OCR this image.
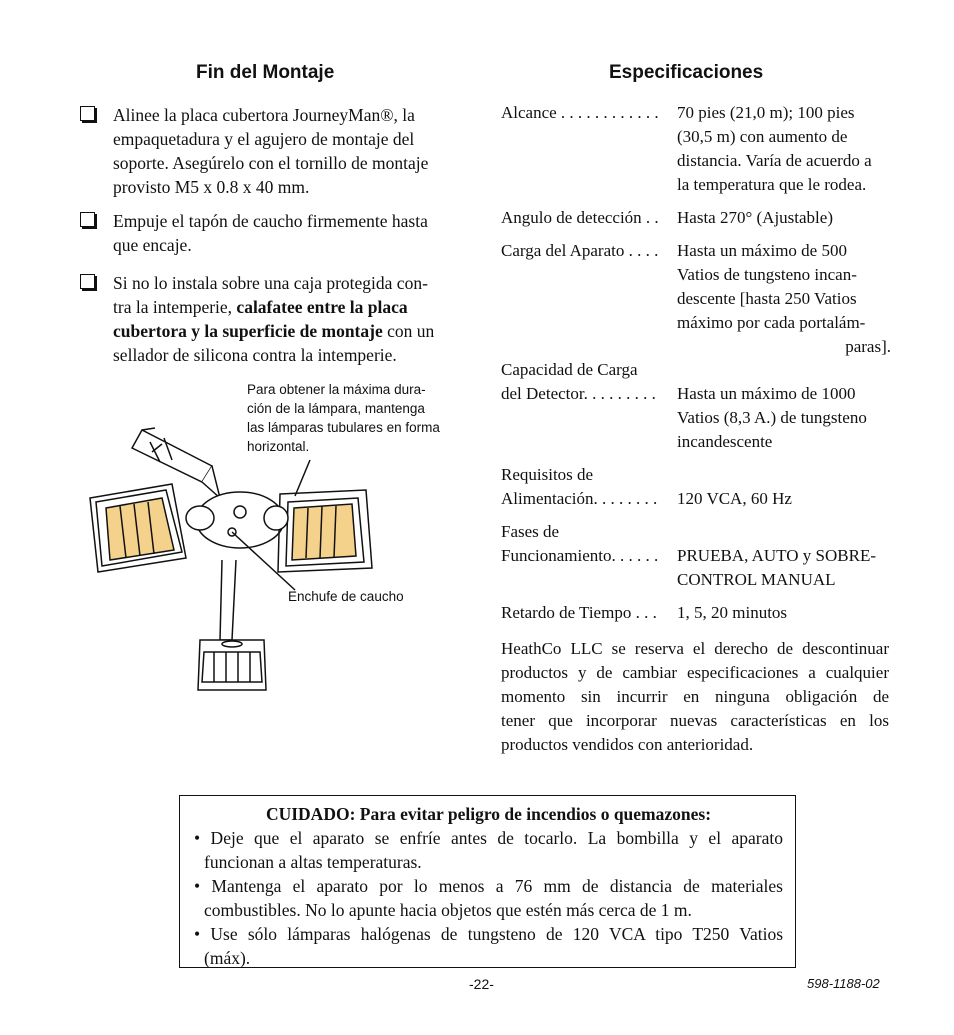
Fin del Montaje
Alinee la placa cubertora JourneyMan®, la
empaquetadura y el agujero de montaje del
soporte. Asegúrelo con el tornillo de montaje
provisto M5 x 0.8 x 40 mm.
Empuje el tapón de caucho firmemente hasta
que encaje.
Si no lo instala sobre una caja protegida con-
tra la intemperie, calafatee entre la placa
cubertora y la superficie de montaje con un
sellador de silicona contra la intemperie.
Para obtener la máxima dura-
ción de la lámpara, mantenga
las lámparas tubulares en forma
horizontal.
Enchufe de caucho
Especificaciones
Alcance . . . . . . . . . . . .	70 pies (21,0 m); 100 pies
(30,5 m) con aumento de
distancia. Varía de acuerdo a
la temperatura que le rodea.
Angulo de detección . .	Hasta 270° (Ajustable)
Carga del Aparato . . . .	Hasta un máximo de 500
Vatios de tungsteno incan-
descente [hasta 250 Vatios
máximo por cada portalám-
paras].
Capacidad de Carga
del Detector. . . . . . . . .	Hasta un máximo de 1000
Vatios (8,3 A.) de tungsteno
incandescente
Requisitos de
Alimentación. . . . . . . .	120 VCA, 60 Hz
Fases de
Funcionamiento. . . . . .	PRUEBA, AUTO y SOBRE-
CONTROL MANUAL
Retardo de Tiempo . . .	1, 5, 20 minutos
HeathCo LLC se reserva el derecho de descontinuar
productos y de cambiar especificaciones a cualquier
momento sin incurrir en ninguna obligación de
tener que incorporar nuevas características en los
productos vendidos con anterioridad.
CUIDADO: Para evitar peligro de incendios o quemazones:
• Deje que el aparato se enfríe antes de tocarlo. La bombilla y el aparato
funcionan a altas temperaturas.
• Mantenga el aparato por lo menos a 76 mm de distancia de materiales
combustibles. No lo apunte hacia objetos que estén más cerca de 1 m.
• Use sólo lámparas halógenas de tungsteno de 120 VCA tipo T250 Vatios
(máx).
-22-	598-1188-02
